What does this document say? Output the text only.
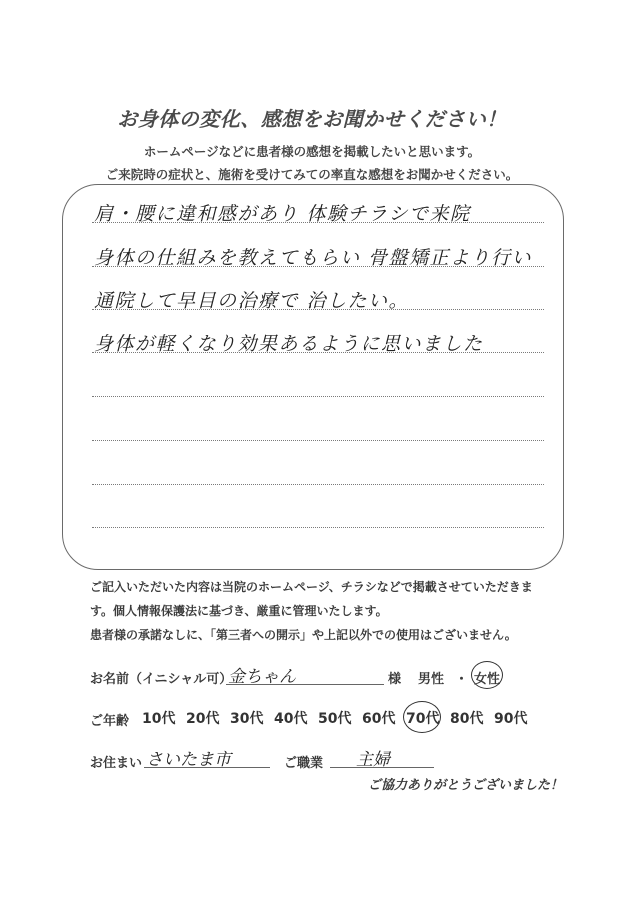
お身体の変化、感想をお聞かせください！
ホームページなどに患者様の感想を掲載したいと思います。
ご来院時の症状と、施術を受けてみての率直な感想をお聞かせください。
肩・腰に違和感があり 体験チラシで来院
身体の仕組みを教えてもらい 骨盤矯正より行い
通院して早目の治療で 治したい。
身体が軽くなり効果あるように思いました
ご記入いただいた内容は当院のホームページ、チラシなどで掲載させていただきま
す。個人情報保護法に基づき、厳重に管理いたします。
患者様の承諾なしに、「第三者への開示」や上記以外での使用はございません。
お名前（イニシャル可）
金ちゃん	様 男性 ・ 女性
ご年齢 10代 20代 30代 40代 50代 60代 70代 80代 90代
お住まい さいたま市	ご職業 主婦
ご協力ありがとうございました！
